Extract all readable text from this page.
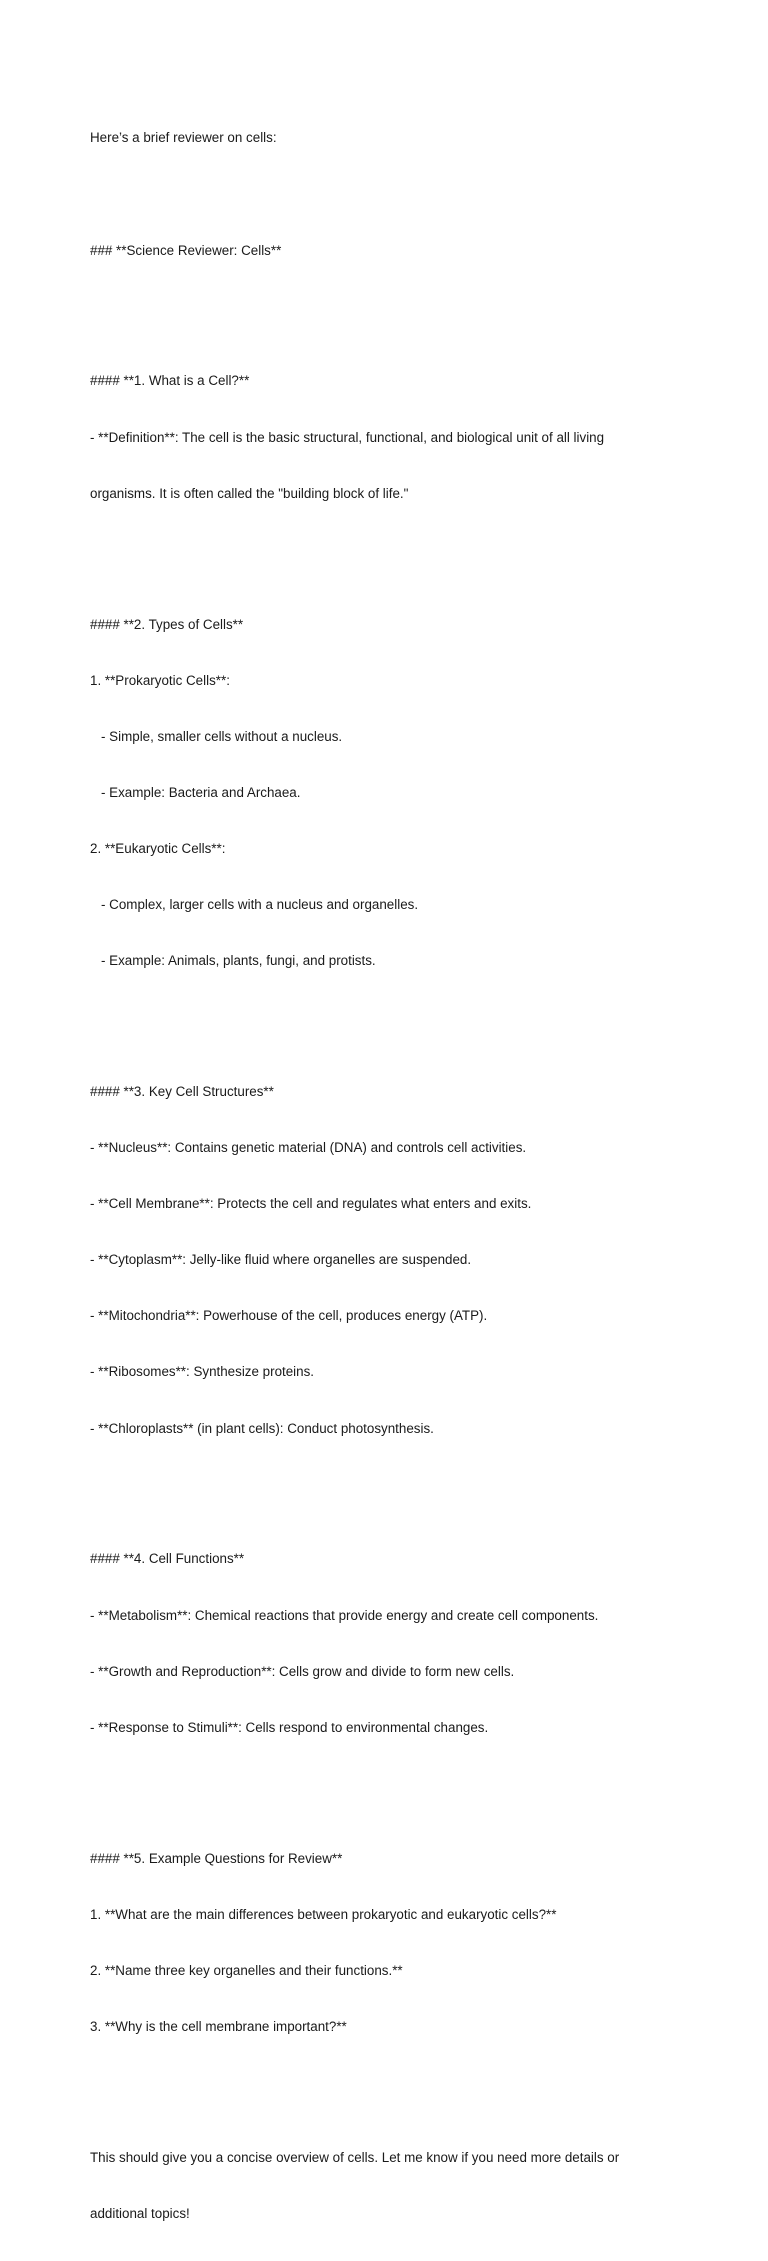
Here’s a brief reviewer on cells:

### **Science Reviewer: Cells**

#### **1. What is a Cell?**

- **Definition**: The cell is the basic structural, functional, and biological unit of all living

organisms. It is often called the "building block of life."

#### **2. Types of Cells**

1. **Prokaryotic Cells**:

- Simple, smaller cells without a nucleus.

- Example: Bacteria and Archaea.

2. **Eukaryotic Cells**:

- Complex, larger cells with a nucleus and organelles.

- Example: Animals, plants, fungi, and protists.

#### **3. Key Cell Structures**

- **Nucleus**: Contains genetic material (DNA) and controls cell activities.

- **Cell Membrane**: Protects the cell and regulates what enters and exits.

- **Cytoplasm**: Jelly-like fluid where organelles are suspended.

- **Mitochondria**: Powerhouse of the cell, produces energy (ATP).

- **Ribosomes**: Synthesize proteins.

- **Chloroplasts** (in plant cells): Conduct photosynthesis.

#### **4. Cell Functions**

- **Metabolism**: Chemical reactions that provide energy and create cell components.

- **Growth and Reproduction**: Cells grow and divide to form new cells.

- **Response to Stimuli**: Cells respond to environmental changes.

#### **5. Example Questions for Review**

1. **What are the main differences between prokaryotic and eukaryotic cells?**

2. **Name three key organelles and their functions.**

3. **Why is the cell membrane important?**

This should give you a concise overview of cells. Let me know if you need more details or

additional topics!
